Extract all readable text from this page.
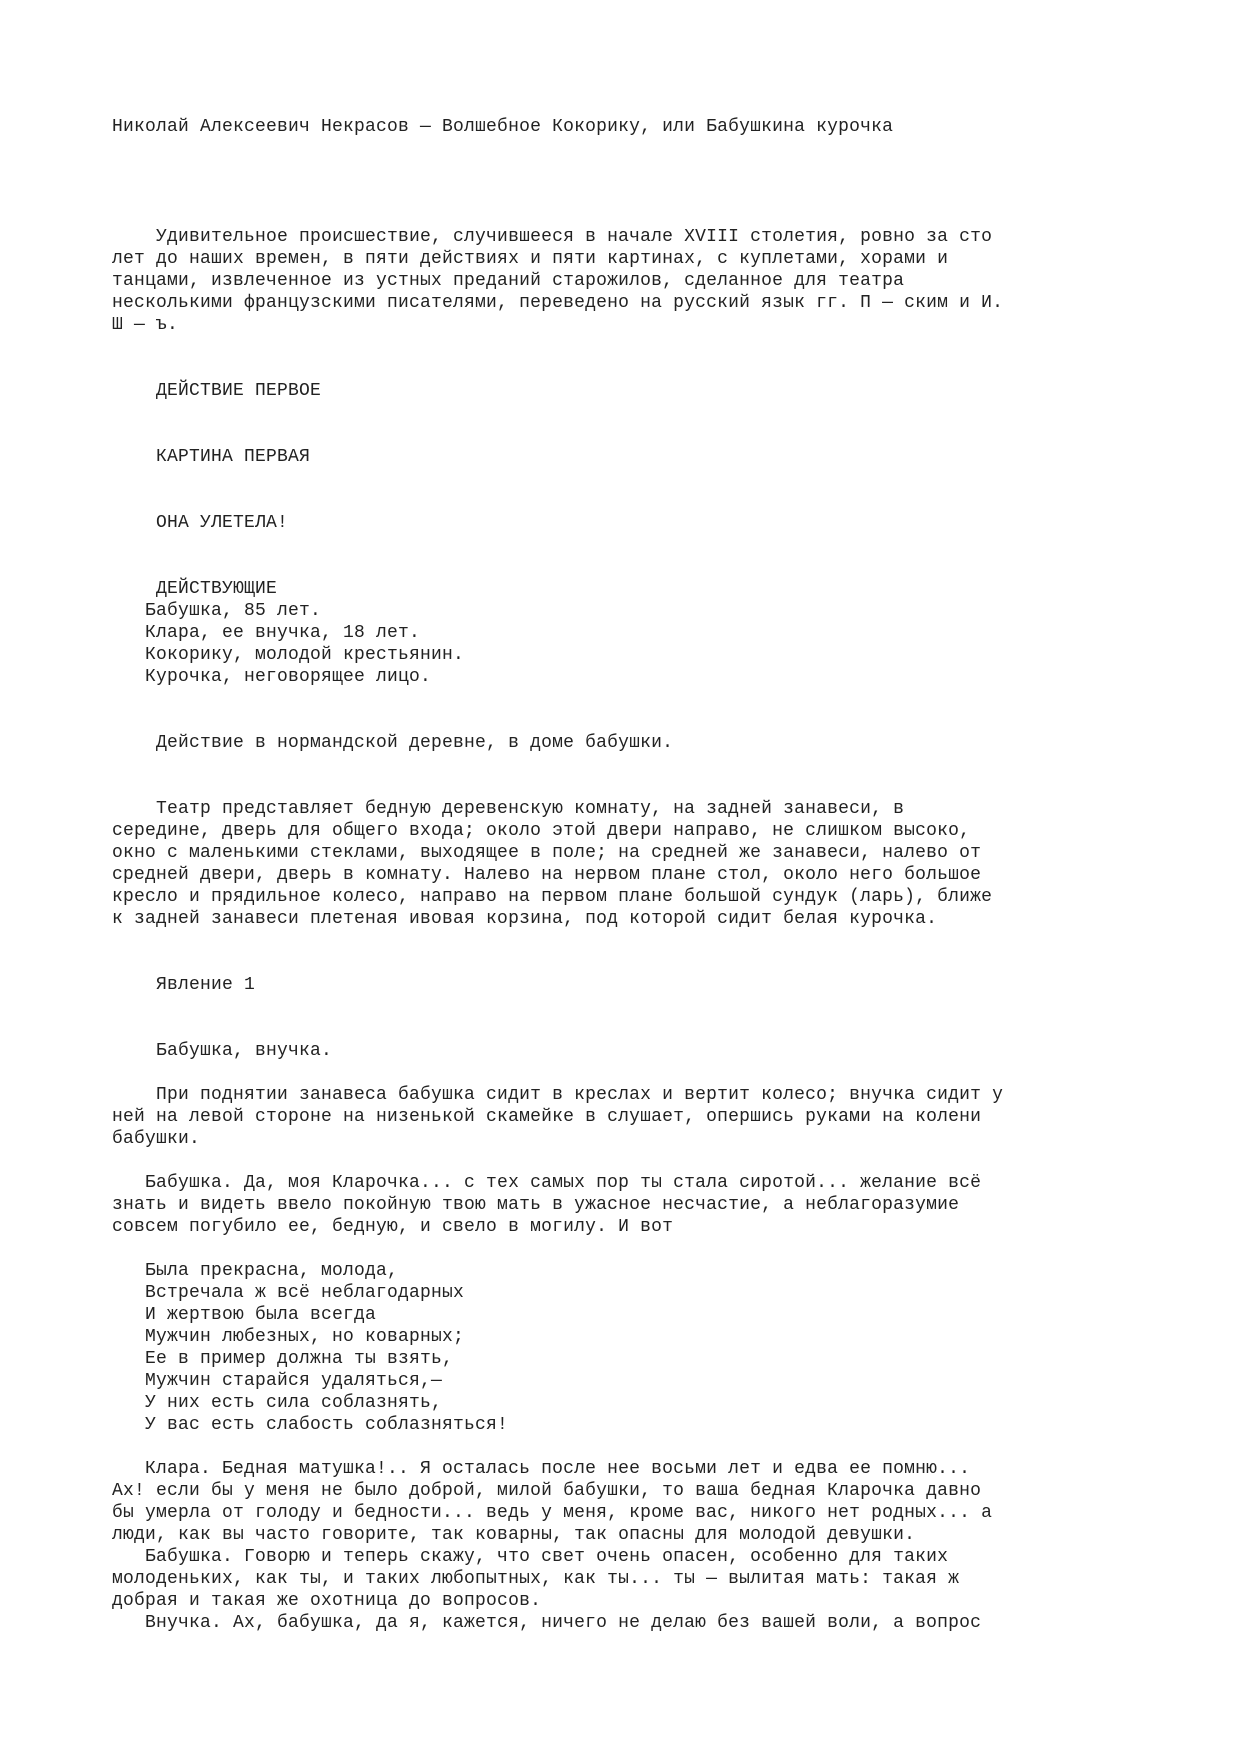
Николай Алексеевич Некрасов — Волшебное Кокорику, или Бабушкина курочка

Удивительное происшествие, случившееся в начале XVIII столетия, ровно за сто

лет до наших времен, в пяти действиях и пяти картинах, с куплетами, хорами и

танцами, извлеченное из устных преданий старожилов, сделанное для театра

несколькими французскими писателями, переведено на русский язык гг. П — ским и И.

Ш — ъ.

ДЕЙСТВИЕ ПЕРВОЕ

КАРТИНА ПЕРВАЯ

ОНА УЛЕТЕЛА!

ДЕЙСТВУЮЩИЕ

Бабушка, 85 лет.

Клара, ее внучка, 18 лет.

Кокорику, молодой крестьянин.

Курочка, неговорящее лицо.

Действие в нормандской деревне, в доме бабушки.

Театр представляет бедную деревенскую комнату, на задней занавеси, в

середине, дверь для общего входа; около этой двери направо, не слишком высоко,

окно с маленькими стеклами, выходящее в поле; на средней же занавеси, налево от

средней двери, дверь в комнату. Налево на нервом плане стол, около него большое

кресло и прядильное колесо, направо на первом плане большой сундук (ларь), ближе

к задней занавеси плетеная ивовая корзина, под которой сидит белая курочка.

Явление 1

Бабушка, внучка.

При поднятии занавеса бабушка сидит в креслах и вертит колесо; внучка сидит у

ней на левой стороне на низенькой скамейке в слушает, опершись руками на колени

бабушки.

Бабушка. Да, моя Кларочка... с тех самых пор ты стала сиротой... желание всё

знать и видеть ввело покойную твою мать в ужасное несчастие, а неблагоразумие

совсем погубило ее, бедную, и свело в могилу. И вот

Была прекрасна, молода,

Встречала ж всё неблагодарных

И жертвою была всегда

Мужчин любезных, но коварных;

Ее в пример должна ты взять,

Мужчин старайся удаляться,—

У них есть сила соблазнять,

У вас есть слабость соблазняться!

Клара. Бедная матушка!.. Я осталась после нее восьми лет и едва ее помню...

Ах! если бы у меня не было доброй, милой бабушки, то ваша бедная Кларочка давно

бы умерла от голоду и бедности... ведь у меня, кроме вас, никого нет родных... а

люди, как вы часто говорите, так коварны, так опасны для молодой девушки.

Бабушка. Говорю и теперь скажу, что свет очень опасен, особенно для таких

молоденьких, как ты, и таких любопытных, как ты... ты — вылитая мать: такая ж

добрая и такая же охотница до вопросов.

Внучка. Ах, бабушка, да я, кажется, ничего не делаю без вашей воли, а вопрос
